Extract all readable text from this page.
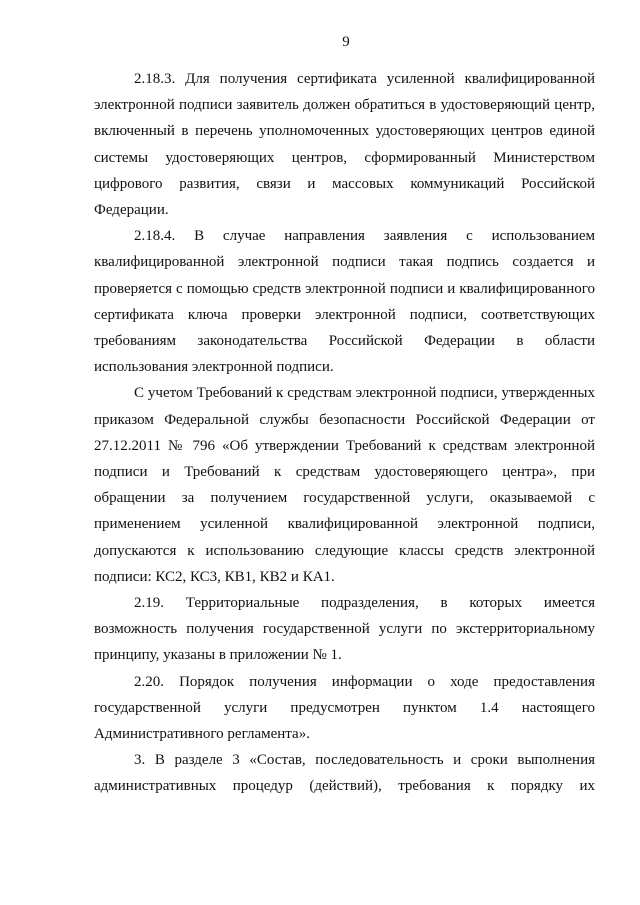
9

2.18.3. Для получения сертификата усиленной квалифицированной
электронной подписи заявитель должен обратиться в удостоверяющий центр,
включенный в перечень уполномоченных удостоверяющих центров единой
системы удостоверяющих центров, сформированный Министерством
цифрового развития, связи и массовых коммуникаций Российской
Федерации.

2.18.4. В случае направления заявления с использованием
квалифицированной электронной подписи такая подпись создается и
проверяется с помощью средств электронной подписи и квалифицированного
сертификата ключа проверки электронной подписи, соответствующих
требованиям законодательства Российской Федерации в области
использования электронной подписи.

С учетом Требований к средствам электронной подписи, утвержденных
приказом Федеральной службы безопасности Российской Федерации от
27.12.2011 № 796 «Об утверждении Требований к средствам электронной
подписи и Требований к средствам удостоверяющего центра», при
обращении за получением государственной услуги, оказываемой с
применением усиленной квалифицированной электронной подписи,
допускаются к использованию следующие классы средств электронной
подписи: КС2, КС3, КВ1, КВ2 и КА1.

2.19. Территориальные подразделения, в которых имеется
возможность получения государственной услуги по экстерриториальному
принципу, указаны в приложении № 1.

2.20. Порядок получения информации о ходе предоставления
государственной услуги предусмотрен пунктом 1.4 настоящего
Административного регламента».

3. В разделе 3 «Состав, последовательность и сроки выполнения
административных процедур (действий), требования к порядку их
